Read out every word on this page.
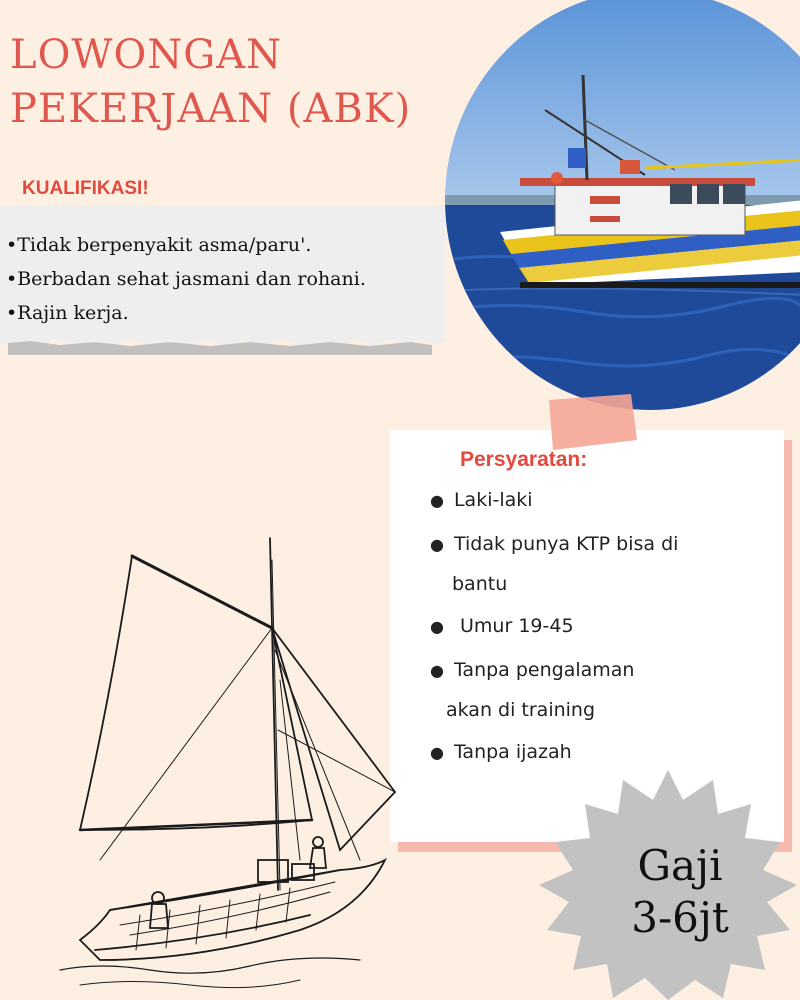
LOWONGAN
PEKERJAAN (ABK)
KUALIFIKASI!
•Tidak berpenyakit asma/paru'.
•Berbadan sehat jasmani dan rohani.
•Rajin kerja.
Persyaratan:
● Laki-laki
● Tidak punya KTP bisa di
bantu
● Umur 19-45
● Tanpa pengalaman
akan di training
● Tanpa ijazah
Gaji
3-6jt
